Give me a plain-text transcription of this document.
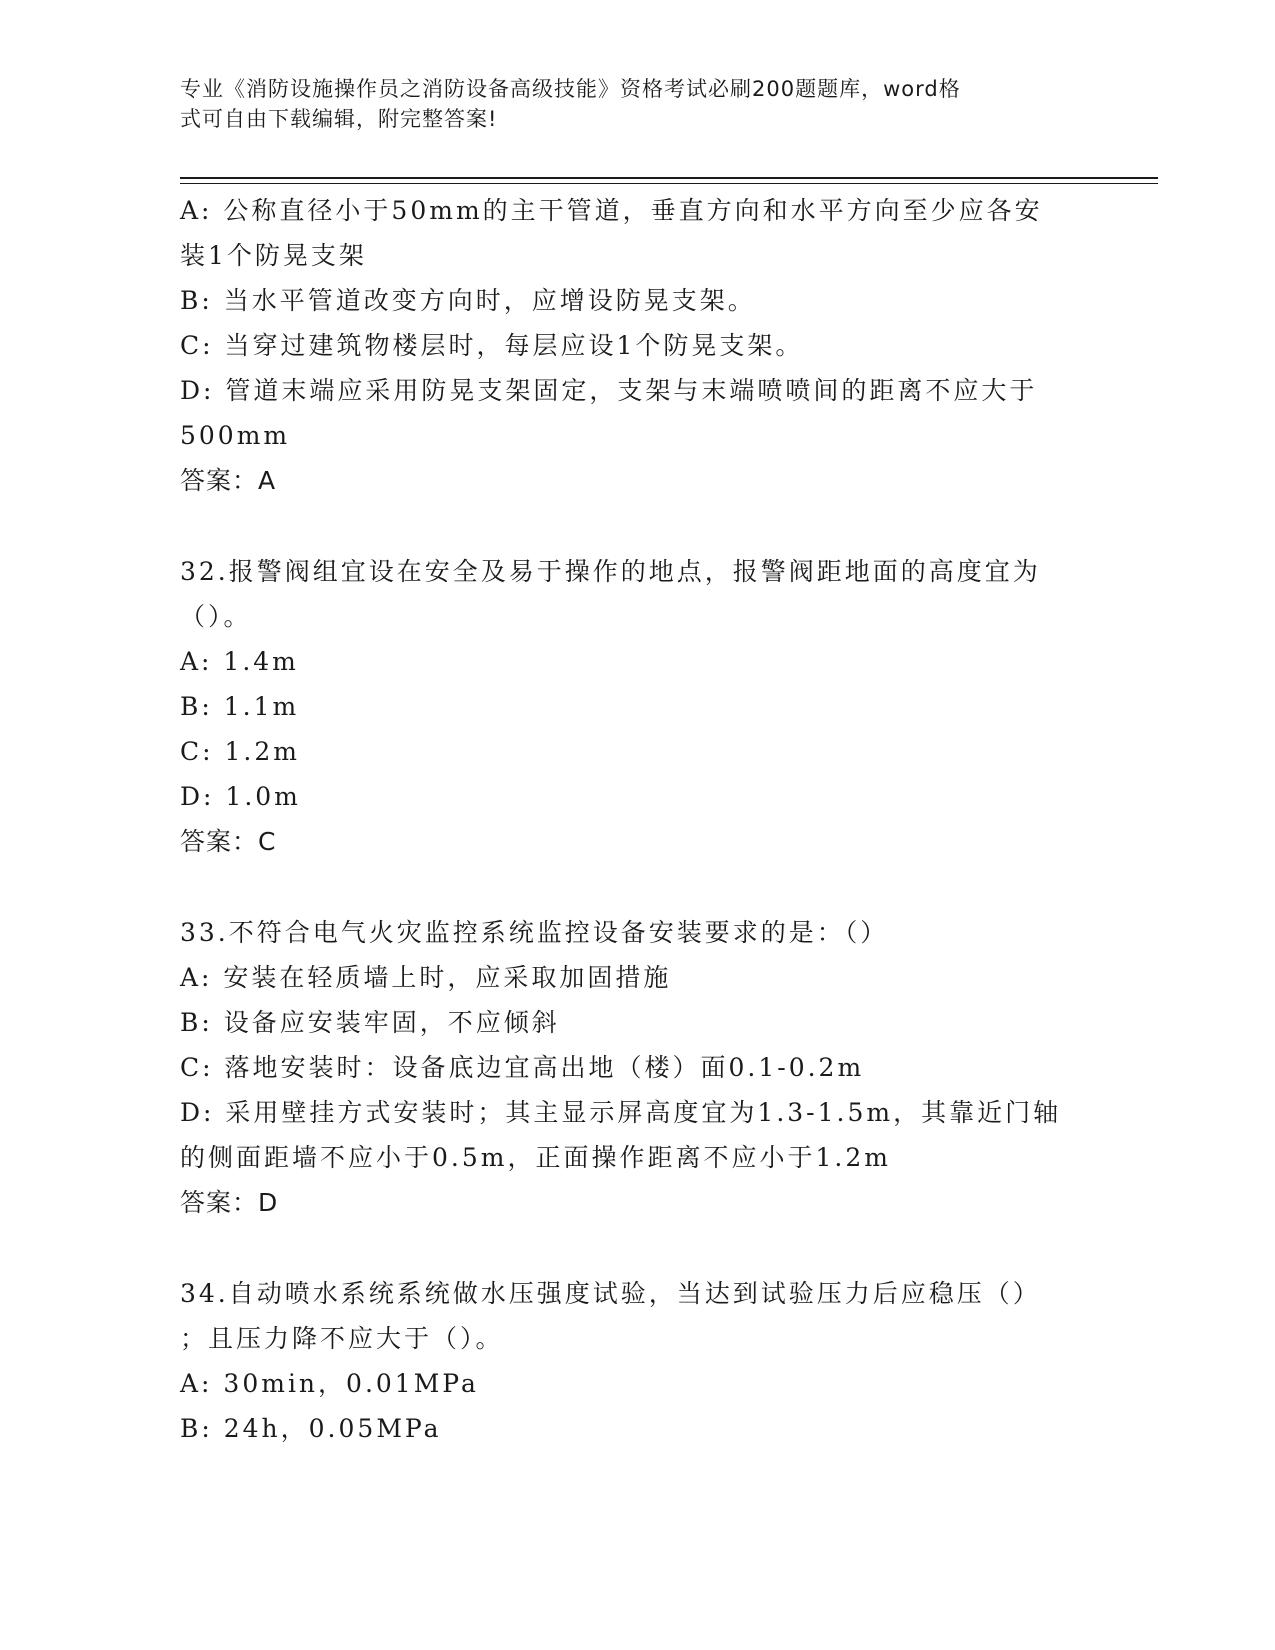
专业《消防设施操作员之消防设备高级技能》资格考试必刷200题题库，word格
式可自由下载编辑，附完整答案!
A: 公称直径小于50mm的主干管道，垂直方向和水平方向至少应各安
装1个防晃支架
B: 当水平管道改变方向时，应增设防晃支架。
C: 当穿过建筑物楼层时，每层应设1个防晃支架。
D: 管道末端应采用防晃支架固定，支架与末端喷喷间的距离不应大于
500mm
答案：A
32.报警阀组宜设在安全及易于操作的地点，报警阀距地面的高度宜为
（）。
A: 1.4m
B: 1.1m
C: 1.2m
D: 1.0m
答案：C
33.不符合电气火灾监控系统监控设备安装要求的是：（）
A: 安装在轻质墙上时，应采取加固措施
B: 设备应安装牢固，不应倾斜
C: 落地安装时：设备底边宜高出地（楼）面0.1-0.2m
D: 采用壁挂方式安装时；其主显示屏高度宜为1.3-1.5m，其靠近门轴
的侧面距墙不应小于0.5m，正面操作距离不应小于1.2m
答案：D
34.自动喷水系统系统做水压强度试验，当达到试验压力后应稳压（）
；且压力降不应大于（）。
A: 30min，0.01MPa
B: 24h，0.05MPa
